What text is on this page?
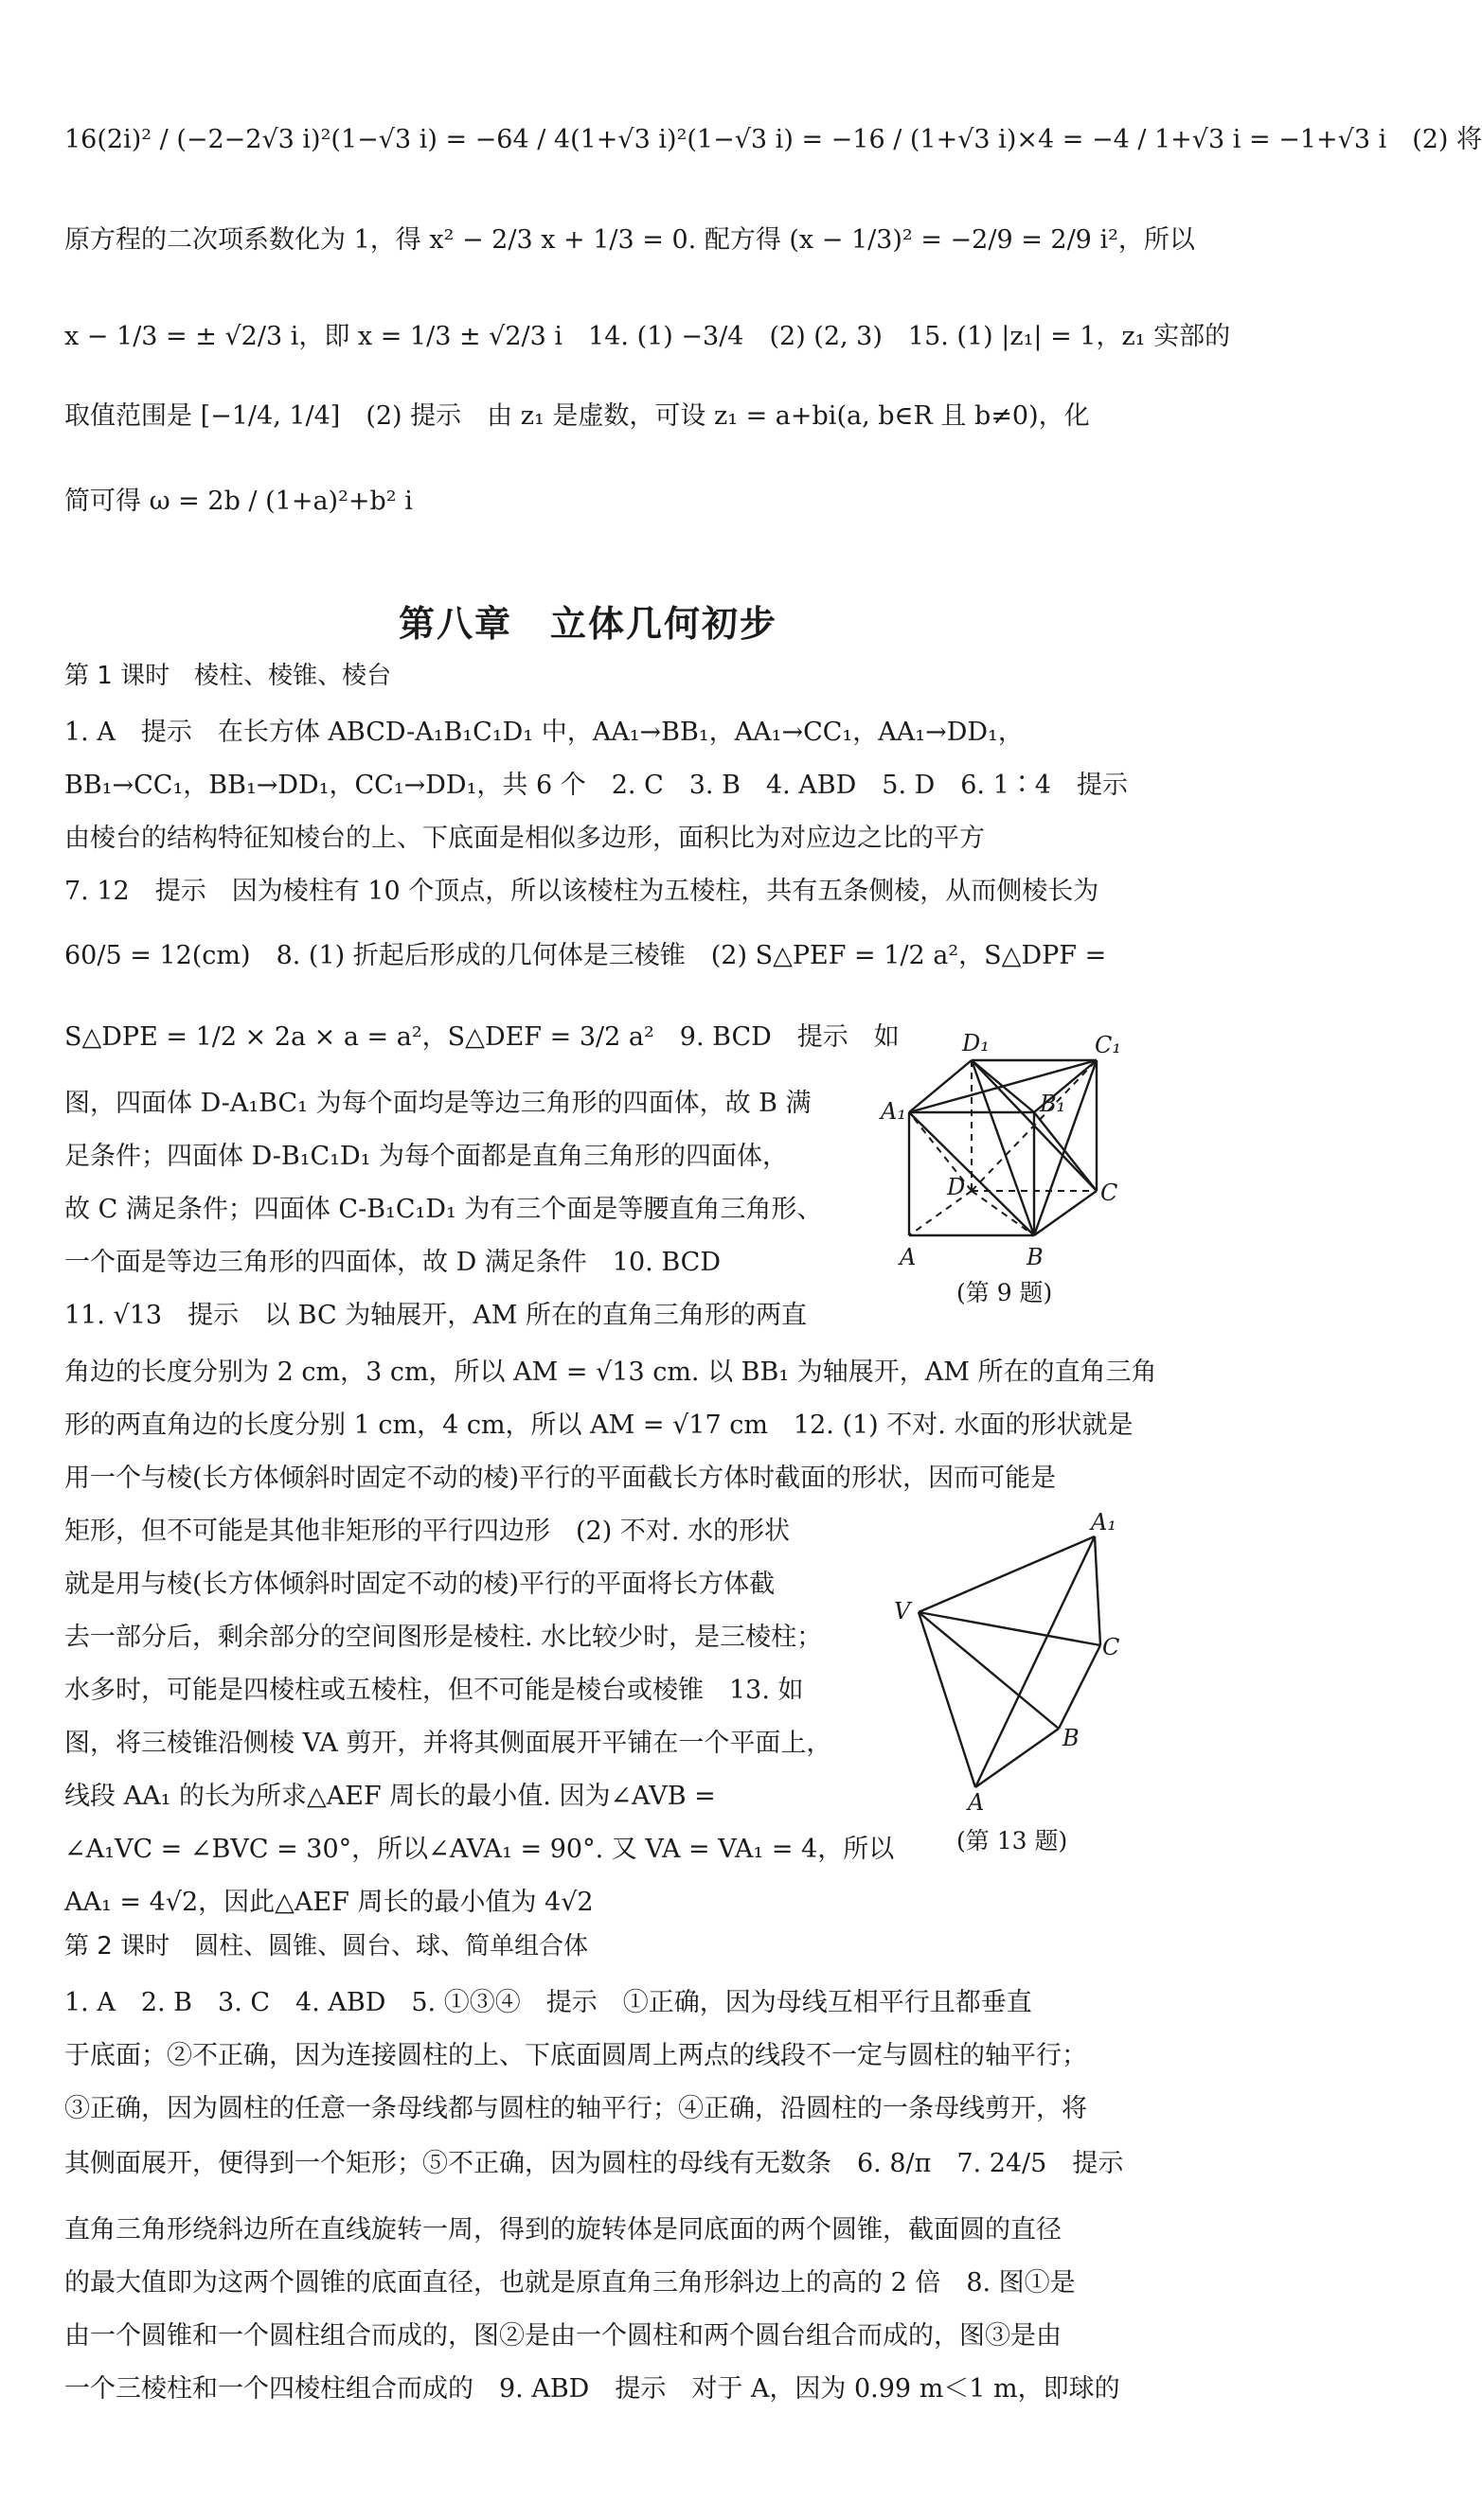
16(2i)² / (−2−2√3 i)²(1−√3 i) = −64 / 4(1+√3 i)²(1−√3 i) = −16 / (1+√3 i)×4 = −4 / 1+√3 i = −1+√3 i　(2) 将
原方程的二次项系数化为 1，得 x² − 2/3 x + 1/3 = 0. 配方得 (x − 1/3)² = −2/9 = 2/9 i²，所以
x − 1/3 = ± √2/3 i，即 x = 1/3 ± √2/3 i　14. (1) −3/4　(2) (2, 3)　15. (1) |z₁| = 1，z₁ 实部的
取值范围是 [−1/4, 1/4]　(2) 提示　由 z₁ 是虚数，可设 z₁ = a+bi(a, b∈R 且 b≠0)，化
简可得 ω = 2b / (1+a)²+b² i
第八章　立体几何初步
第 1 课时　棱柱、棱锥、棱台
1. A　提示　在长方体 ABCD-A₁B₁C₁D₁ 中，AA₁→BB₁，AA₁→CC₁，AA₁→DD₁，
BB₁→CC₁，BB₁→DD₁，CC₁→DD₁，共 6 个　2. C　3. B　4. ABD　5. D　6. 1∶4　提示
由棱台的结构特征知棱台的上、下底面是相似多边形，面积比为对应边之比的平方
7. 12　提示　因为棱柱有 10 个顶点，所以该棱柱为五棱柱，共有五条侧棱，从而侧棱长为
60/5 = 12(cm)　8. (1) 折起后形成的几何体是三棱锥　(2) S△PEF = 1/2 a²，S△DPF =
S△DPE = 1/2 × 2a × a = a²，S△DEF = 3/2 a²　9. BCD　提示　如
图，四面体 D-A₁BC₁ 为每个面均是等边三角形的四面体，故 B 满
足条件；四面体 D-B₁C₁D₁ 为每个面都是直角三角形的四面体，
故 C 满足条件；四面体 C-B₁C₁D₁ 为有三个面是等腰直角三角形、
一个面是等边三角形的四面体，故 D 满足条件　10. BCD
11. √13　提示　以 BC 为轴展开，AM 所在的直角三角形的两直
角边的长度分别为 2 cm，3 cm，所以 AM = √13 cm. 以 BB₁ 为轴展开，AM 所在的直角三角
形的两直角边的长度分别 1 cm，4 cm，所以 AM = √17 cm　12. (1) 不对. 水面的形状就是
用一个与棱(长方体倾斜时固定不动的棱)平行的平面截长方体时截面的形状，因而可能是
矩形，但不可能是其他非矩形的平行四边形　(2) 不对. 水的形状
就是用与棱(长方体倾斜时固定不动的棱)平行的平面将长方体截
去一部分后，剩余部分的空间图形是棱柱. 水比较少时，是三棱柱；
水多时，可能是四棱柱或五棱柱，但不可能是棱台或棱锥　13. 如
图，将三棱锥沿侧棱 VA 剪开，并将其侧面展开平铺在一个平面上，
线段 AA₁ 的长为所求△AEF 周长的最小值. 因为∠AVB =
∠A₁VC = ∠BVC = 30°，所以∠AVA₁ = 90°. 又 VA = VA₁ = 4，所以
AA₁ = 4√2，因此△AEF 周长的最小值为 4√2
第 2 课时　圆柱、圆锥、圆台、球、简单组合体
1. A　2. B　3. C　4. ABD　5. ①③④　提示　①正确，因为母线互相平行且都垂直
于底面；②不正确，因为连接圆柱的上、下底面圆周上两点的线段不一定与圆柱的轴平行；
③正确，因为圆柱的任意一条母线都与圆柱的轴平行；④正确，沿圆柱的一条母线剪开，将
其侧面展开，便得到一个矩形；⑤不正确，因为圆柱的母线有无数条　6. 8/π　7. 24/5　提示
直角三角形绕斜边所在直线旋转一周，得到的旋转体是同底面的两个圆锥，截面圆的直径
的最大值即为这两个圆锥的底面直径，也就是原直角三角形斜边上的高的 2 倍　8. 图①是
由一个圆锥和一个圆柱组合而成的，图②是由一个圆柱和两个圆台组合而成的，图③是由
一个三棱柱和一个四棱柱组合而成的　9. ABD　提示　对于 A，因为 0.99 m＜1 m，即球的
D₁	C₁
A₁	B₁
D	C
A	B
(第 9 题)
A₁
V
C
B
A
(第 13 题)
